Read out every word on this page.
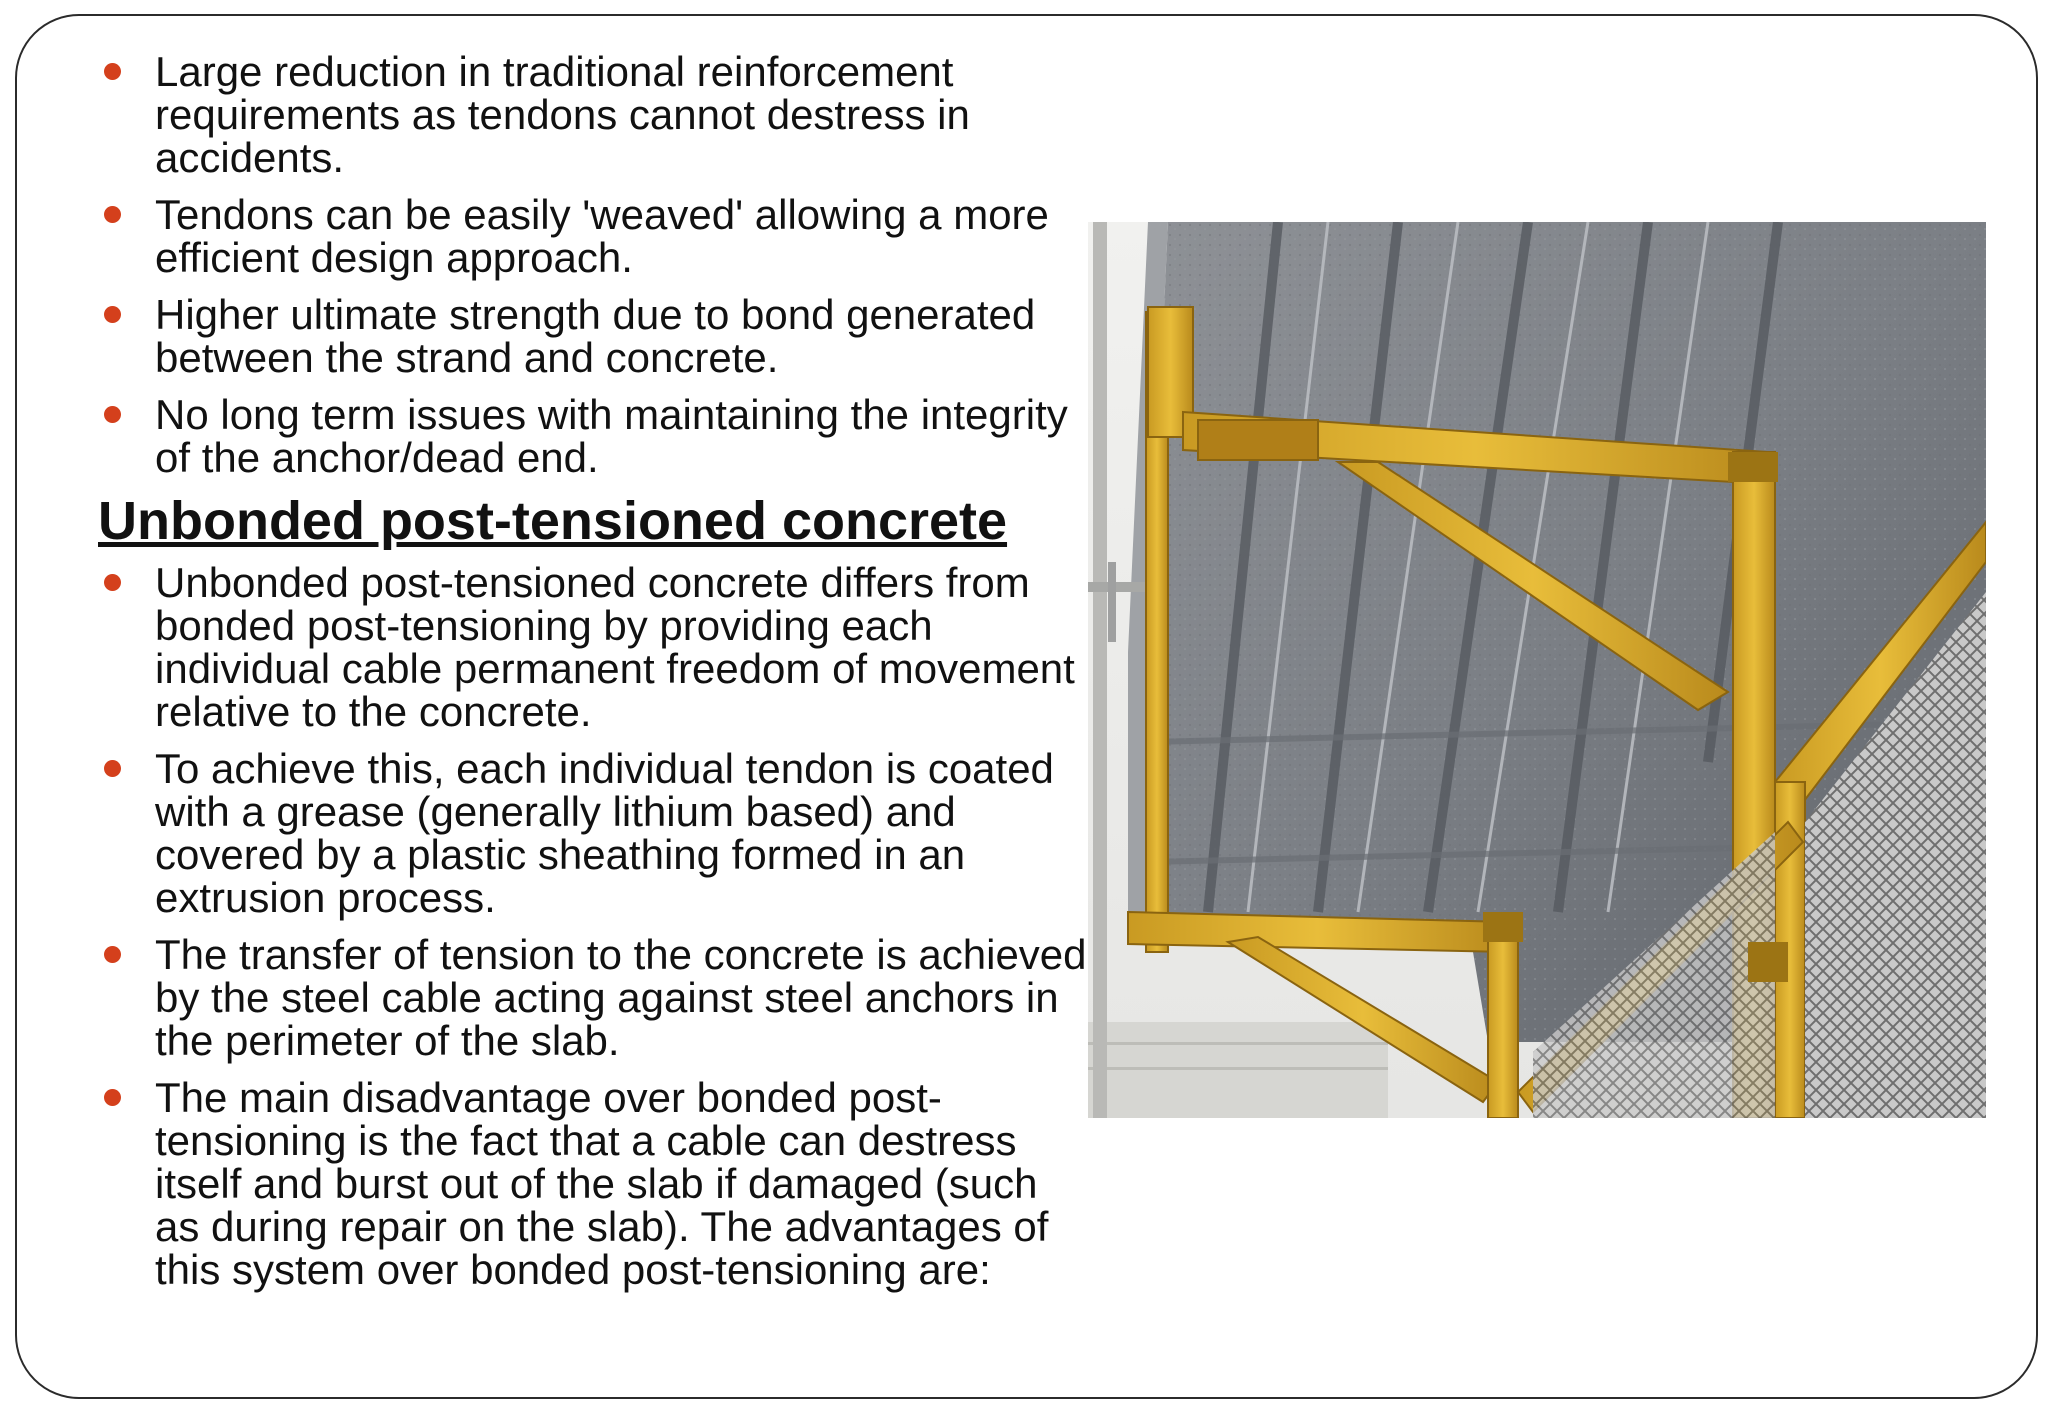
Large reduction in traditional reinforcement requirements as tendons cannot destress in accidents.
Tendons can be easily 'weaved' allowing a more efficient design approach.
Higher ultimate strength due to bond generated between the strand and concrete.
No long term issues with maintaining the integrity of the anchor/dead end.
Unbonded post-tensioned concrete
Unbonded post-tensioned concrete differs from bonded post-tensioning by providing each individual cable permanent freedom of movement relative to the concrete.
To achieve this, each individual tendon is coated with a grease (generally lithium based) and covered by a plastic sheathing formed in an extrusion process.
The transfer of tension to the concrete is achieved by the steel cable acting against steel anchors in the perimeter of the slab.
The main disadvantage over bonded post-tensioning is the fact that a cable can destress itself and burst out of the slab if damaged (such as during repair on the slab). The advantages of this system over bonded post-tensioning are:
